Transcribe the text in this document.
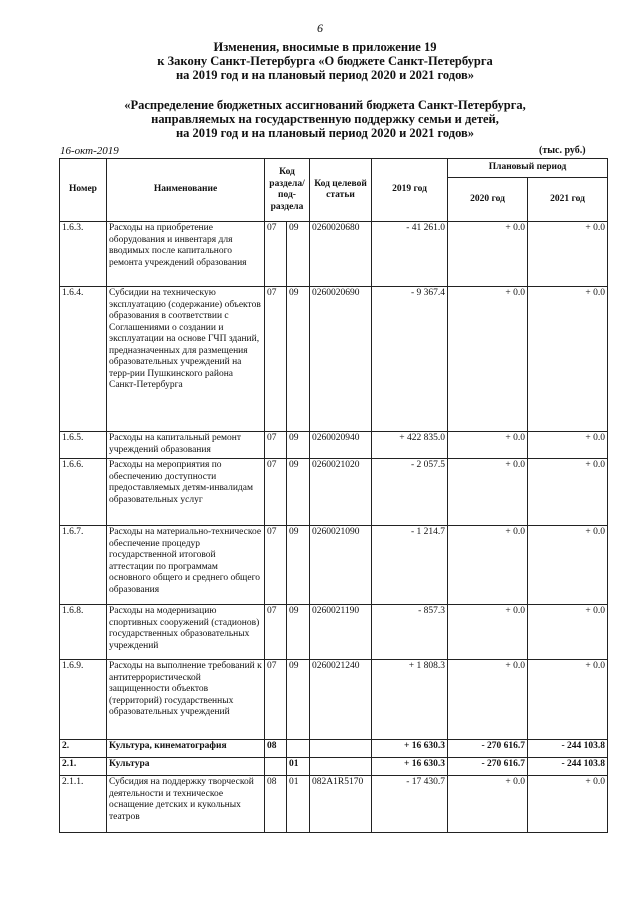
6
Изменения, вносимые в приложение 19
к Закону Санкт-Петербурга «О бюджете Санкт-Петербурга
на 2019 год и на плановый период 2020 и 2021 годов»
«Распределение бюджетных ассигнований бюджета Санкт-Петербурга,
направляемых на государственную поддержку семьи и детей,
на 2019 год и на плановый период 2020 и 2021 годов»
16-окт-2019	(тыс. руб.)
Номер	Наименование	Код раздела/ под-раздела		Код целевой статьи	2019 год	Плановый период	
						2020 год	2021 год
1.6.3.	Расходы на приобретение оборудования и инвентаря для вводимых после капитального ремонта учреждений образования	07	09	0260020680	- 41 261.0	+ 0.0	+ 0.0
1.6.4.	Субсидии на техническую эксплуатацию (содержание) объектов образования в соответствии с Соглашениями о создании и эксплуатации на основе ГЧП зданий, предназначенных для размещения образовательных учреждений на терр-рии Пушкинского района Санкт-Петербурга	07	09	0260020690	- 9 367.4	+ 0.0	+ 0.0
1.6.5.	Расходы на капитальный ремонт учреждений образования	07	09	0260020940	+ 422 835.0	+ 0.0	+ 0.0
1.6.6.	Расходы на мероприятия по обеспечению доступности предоставляемых детям-инвалидам образовательных услуг	07	09	0260021020	- 2 057.5	+ 0.0	+ 0.0
1.6.7.	Расходы на материально-техническое обеспечение процедур государственной итоговой аттестации по программам основного общего и среднего общего образования	07	09	0260021090	- 1 214.7	+ 0.0	+ 0.0
1.6.8.	Расходы на модернизацию спортивных сооружений (стадионов) государственных образовательных учреждений	07	09	0260021190	- 857.3	+ 0.0	+ 0.0
1.6.9.	Расходы на выполнение требований к антитеррористической защищенности объектов (территорий) государственных образовательных учреждений	07	09	0260021240	+ 1 808.3	+ 0.0	+ 0.0
2.	Культура, кинематография	08			+ 16 630.3	- 270 616.7	- 244 103.8
2.1.	Культура		01		+ 16 630.3	- 270 616.7	- 244 103.8
2.1.1.	Субсидия на поддержку творческой деятельности и техническое оснащение детских и кукольных театров	08	01	082A1R5170	- 17 430.7	+ 0.0	+ 0.0
